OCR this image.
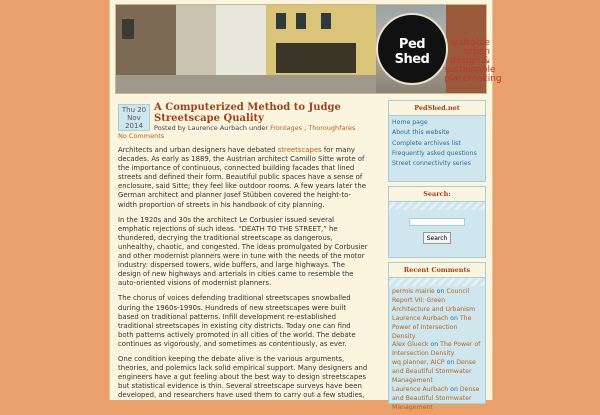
Ped Shed
walkable
urban
design &
sustainable
placemaking
Thu 20
Nov
2014
A Computerized Method to Judge Streetscape Quality
Posted by Laurence Aurbach under Frontages , Thoroughfares
No Comments

Architects and urban designers have debated streetscapes for many decades. As early as 1889, the Austrian architect Camillo Sitte wrote of the importance of continuous, connected building facades that lined streets and defined their form. Beautiful public spaces have a sense of enclosure, said Sitte; they feel like outdoor rooms. A few years later the German architect and planner Josef Stübben covered the height-to-width proportion of streets in his handbook of city planning.

In the 1920s and 30s the architect Le Corbusier issued several emphatic rejections of such ideas. “DEATH TO THE STREET,” he thundered, decrying the traditional streetscape as dangerous, unhealthy, chaotic, and congested. The ideas promulgated by Corbusier and other modernist planners were in tune with the needs of the motor industry: dispersed towers, wide buffers, and large highways. The design of new highways and arterials in cities came to resemble the auto-oriented visions of modernist planners.

The chorus of voices defending traditional streetscapes snowballed during the 1960s-1990s. Hundreds of new streetscapes were built based on traditional patterns. Infill development re-established traditional streetscapes in existing city districts. Today one can find both patterns actively promoted in all cities of the world. The debate continues as vigorously, and sometimes as contentiously, as ever.

One condition keeping the debate alive is the various arguments, theories, and polemics lack solid empirical support. Many designers and engineers have a gut feeling about the best way to design streetscapes but statistical evidence is thin. Several streetscape surveys have been developed, and researchers have used them to carry out a few studies,

PedShed.net
Home page
About this website
Complete archives list
Frequently asked questions
Street connectivity series
Search:
Search
Recent Comments
permis mairie on Council Report VII: Green Architecture and Urbanism
Laurence Aurbach on The Power of Intersection Density
Alex Glueck on The Power of Intersection Density
wq planner, AICP on Dense and Beautiful Stormwater Management
Laurence Aurbach on Dense and Beautiful Stormwater Management
